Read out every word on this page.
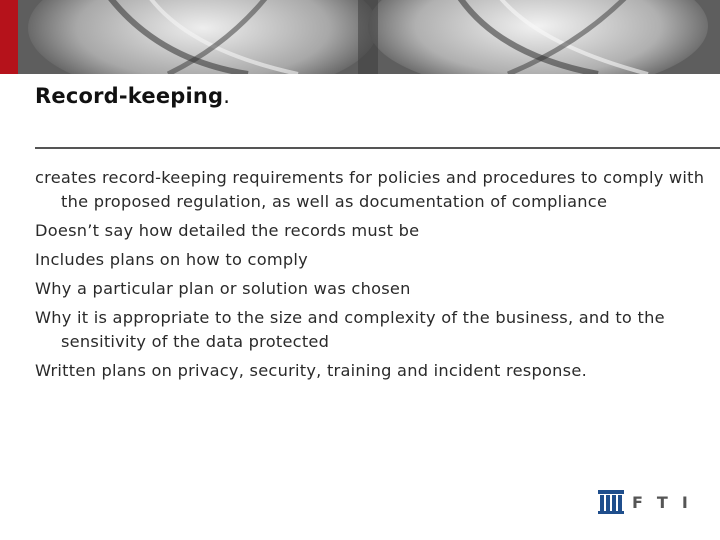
Record-keeping.
creates record-keeping requirements for policies and procedures to comply with the proposed regulation, as well as documentation of compliance
Doesn’t say how detailed the records must be
Includes plans on how to comply
Why a particular plan or solution was chosen
Why it is appropriate to the size and complexity of the business, and to the sensitivity of the data protected
Written plans on privacy, security, training and incident response.
FTI
